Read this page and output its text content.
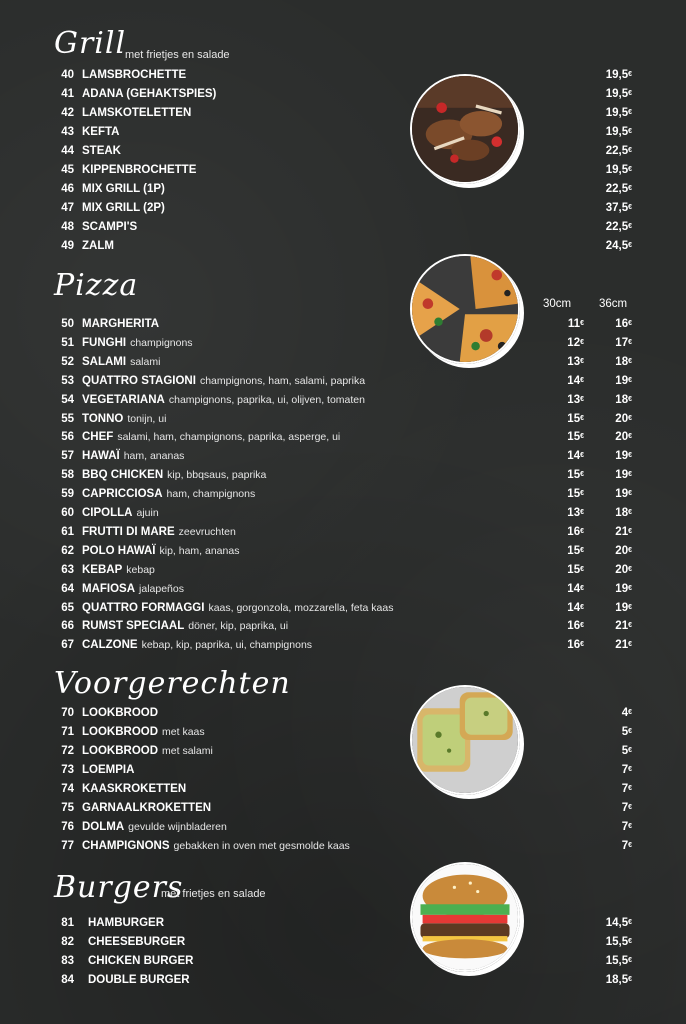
Grill
met frietjes en salade
40 LAMSBROCHETTE	19,5€
41 ADANA (GEHAKTSPIES)	19,5€
42 LAMSKOTELETTEN	19,5€
43 KEFTA	19,5€
44 STEAK	22,5€
45 KIPPENBROCHETTE	19,5€
46 MIX GRILL (1P)	22,5€
47 MIX GRILL (2P)	37,5€
48 SCAMPI'S	22,5€
49 ZALM	24,5€
Pizza
30cm 36cm
50 MARGHERITA	11€	16€
51 FUNGHI champignons	12€	17€
52 SALAMI salami	13€	18€
53 QUATTRO STAGIONI champignons, ham, salami, paprika	14€	19€
54 VEGETARIANA champignons, paprika, ui, olijven, tomaten	13€	18€
55 TONNO tonijn, ui	15€	20€
56 CHEF salami, ham, champignons, paprika, asperge, ui	15€	20€
57 HAWAÏ ham, ananas	14€	19€
58 BBQ CHICKEN kip, bbqsaus, paprika	15€	19€
59 CAPRICCIOSA ham, champignons	15€	19€
60 CIPOLLA ajuin	13€	18€
61 FRUTTI DI MARE zeevruchten	16€	21€
62 POLO HAWAÏ kip, ham, ananas	15€	20€
63 KEBAP kebap	15€	20€
64 MAFIOSA jalapeños	14€	19€
65 QUATTRO FORMAGGI kaas, gorgonzola, mozzarella, feta kaas	14€	19€
66 RUMST SPECIAAL döner, kip, paprika, ui	16€	21€
67 CALZONE kebap, kip, paprika, ui, champignons	16€	21€
Voorgerechten
70 LOOKBROOD	4€
71 LOOKBROOD met kaas	5€
72 LOOKBROOD met salami	5€
73 LOEMPIA	7€
74 KAASKROKETTEN	7€
75 GARNAALKROKETTEN	7€
76 DOLMA gevulde wijnbladeren	7€
77 CHAMPIGNONS gebakken in oven met gesmolde kaas	7€
Burgers
met frietjes en salade
81 HAMBURGER	14,5€
82 CHEESEBURGER	15,5€
83 CHICKEN BURGER	15,5€
84 DOUBLE BURGER	18,5€
